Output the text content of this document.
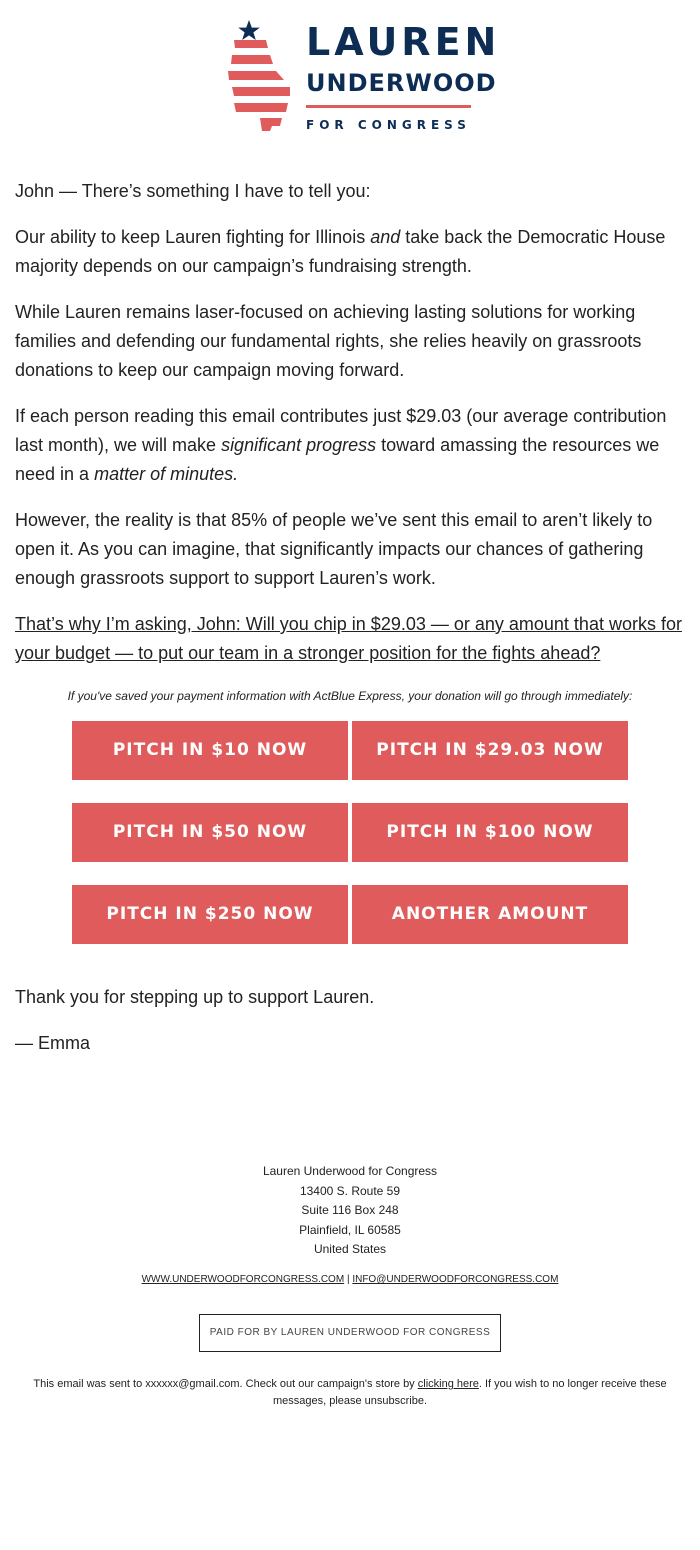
LAUREN
UNDERWOOD
FOR CONGRESS

John — There’s something I have to tell you:

Our ability to keep Lauren fighting for Illinois and take back the Democratic House majority depends on our campaign’s fundraising strength.

While Lauren remains laser-focused on achieving lasting solutions for working families and defending our fundamental rights, she relies heavily on grassroots donations to keep our campaign moving forward.

If each person reading this email contributes just $29.03 (our average contribution last month), we will make significant progress toward amassing the resources we need in a matter of minutes.

However, the reality is that 85% of people we’ve sent this email to aren’t likely to open it. As you can imagine, that significantly impacts our chances of gathering enough grassroots support to support Lauren’s work.

That’s why I’m asking, John: Will you chip in $29.03 — or any amount that works for your budget — to put our team in a stronger position for the fights ahead?

If you've saved your payment information with ActBlue Express, your donation will go through immediately:
PITCH IN $10 NOW	PITCH IN $29.03 NOW
PITCH IN $50 NOW	PITCH IN $100 NOW
PITCH IN $250 NOW	ANOTHER AMOUNT

Thank you for stepping up to support Lauren.

— Emma

Lauren Underwood for Congress
13400 S. Route 59
Suite 116 Box 248
Plainfield, IL 60585
United States
WWW.UNDERWOODFORCONGRESS.COM | INFO@UNDERWOODFORCONGRESS.COM
PAID FOR BY LAUREN UNDERWOOD FOR CONGRESS
This email was sent to xxxxxx@gmail.com. Check out our campaign's store by clicking here. If you wish to no longer receive these messages, please unsubscribe.
